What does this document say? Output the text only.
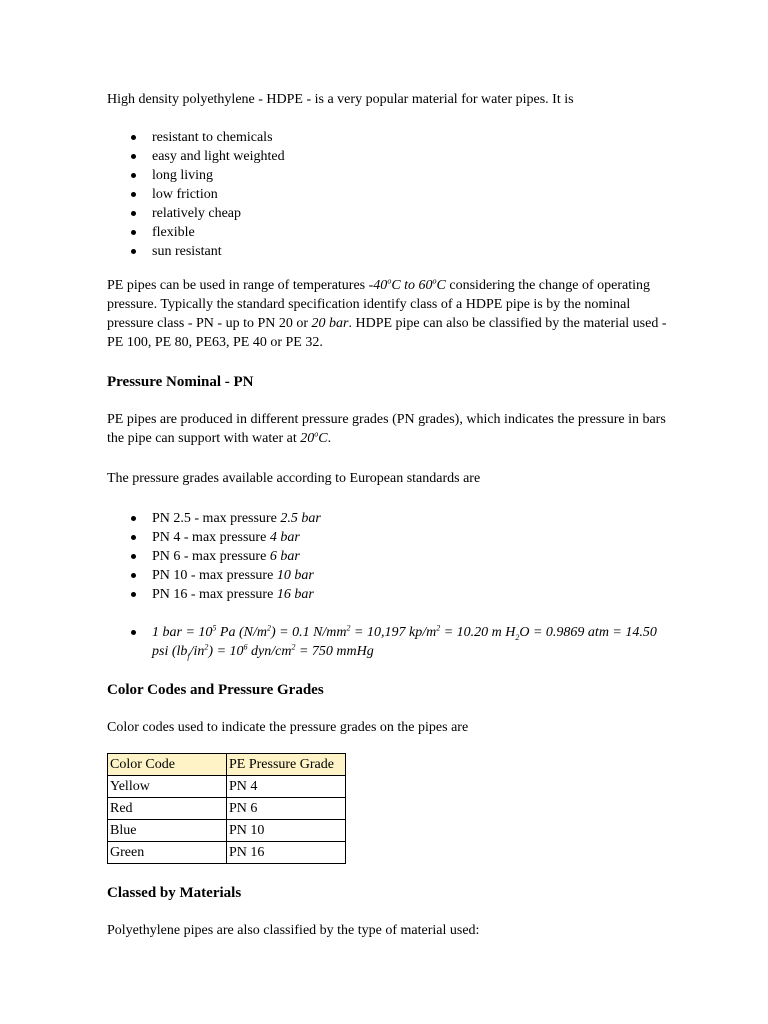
High density polyethylene - HDPE - is a very popular material for water pipes. It is

resistant to chemicals
easy and light weighted
long living
low friction
relatively cheap
flexible
sun resistant

PE pipes can be used in range of temperatures -40$^o$C to 60$^o$C considering the change of operating pressure. Typically the standard specification identify class of a HDPE pipe is by the nominal pressure class - PN - up to PN 20 or 20 bar. HDPE pipe can also be classified by the material used - PE 100, PE 80, PE63, PE 40 or PE 32.

Pressure Nominal - PN

PE pipes are produced in different pressure grades (PN grades), which indicates the pressure in bars the pipe can support with water at 20$^o$C.

The pressure grades available according to European standards are

PN 2.5 - max pressure 2.5 bar
PN 4 - max pressure 4 bar
PN 6 - max pressure 6 bar
PN 10 - max pressure 10 bar
PN 16 - max pressure 16 bar
1 bar = $10^5$ Pa $(N/m^2) = 0.1$ $N/mm^2 = 10,197$ $kp/m^2 = 10.20$ m $H_2O = 0.9869$ atm = 14.50 psi $(lb_f/in^2) = 10^6$ dyn/$cm^2 = 750$ mmHg
Color Codes and Pressure Grades

Color codes used to indicate the pressure grades on the pipes are

Color Code	PE Pressure Grade
Yellow	PN 4
Red	PN 6
Blue	PN 10
Green	PN 16
Classed by Materials

Polyethylene pipes are also classified by the type of material used:
